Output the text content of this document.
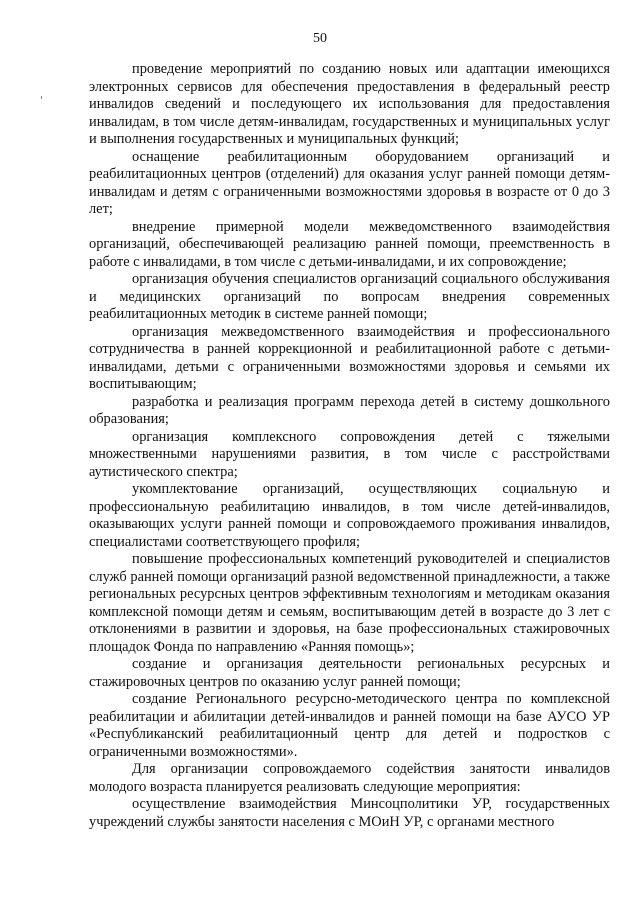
50

проведение мероприятий по созданию новых или адаптации имеющихся электронных сервисов для обеспечения предоставления в федеральный реестр инвалидов сведений и последующего их использования для предоставления инвалидам, в том числе детям-инвалидам, государственных и муниципальных услуг и выполнения государственных и муниципальных функций;

оснащение реабилитационным оборудованием организаций и реабилитационных центров (отделений) для оказания услуг ранней помощи детям-инвалидам и детям с ограниченными возможностями здоровья в возрасте от 0 до 3 лет;

внедрение примерной модели межведомственного взаимодействия организаций, обеспечивающей реализацию ранней помощи, преемственность в работе с инвалидами, в том числе с детьми-инвалидами, и их сопровождение;

организация обучения специалистов организаций социального обслуживания и медицинских организаций по вопросам внедрения современных реабилитационных методик в системе ранней помощи;

организация межведомственного взаимодействия и профессионального сотрудничества в ранней коррекционной и реабилитационной работе с детьми-инвалидами, детьми с ограниченными возможностями здоровья и семьями их воспитывающим;

разработка и реализация программ перехода детей в систему дошкольного образования;

организация комплексного сопровождения детей с тяжелыми множественными нарушениями развития, в том числе с расстройствами аутистического спектра;

укомплектование организаций, осуществляющих социальную и профессиональную реабилитацию инвалидов, в том числе детей-инвалидов, оказывающих услуги ранней помощи и сопровождаемого проживания инвалидов, специалистами соответствующего профиля;

повышение профессиональных компетенций руководителей и специалистов служб ранней помощи организаций разной ведомственной принадлежности, а также региональных ресурсных центров эффективным технологиям и методикам оказания комплексной помощи детям и семьям, воспитывающим детей в возрасте до 3 лет с отклонениями в развитии и здоровья, на базе профессиональных стажировочных площадок Фонда по направлению «Ранняя помощь»;

создание и организация деятельности региональных ресурсных и стажировочных центров по оказанию услуг ранней помощи;

создание Регионального ресурсно-методического центра по комплексной реабилитации и абилитации детей-инвалидов и ранней помощи на базе АУСО УР «Республиканский реабилитационный центр для детей и подростков с ограниченными возможностями».

Для организации сопровождаемого содействия занятости инвалидов молодого возраста планируется реализовать следующие мероприятия:

осуществление взаимодействия Минсоцполитики УР, государственных учреждений службы занятости населения с МОиН УР, с органами местного
